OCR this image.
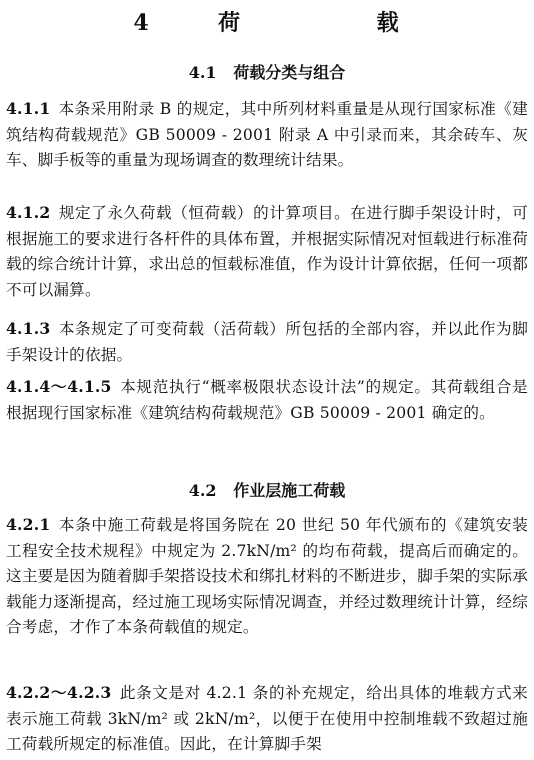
4  荷    载
4.1   荷载分类与组合

4.1.1 本条采用附录 B 的规定，其中所列材料重量是从现行国家标准《建筑结构荷载规范》GB 50009 - 2001 附录 A 中引录而来，其余砖车、灰车、脚手板等的重量为现场调查的数理统计结果。

4.1.2 规定了永久荷载（恒荷载）的计算项目。在进行脚手架设计时，可根据施工的要求进行各杆件的具体布置，并根据实际情况对恒载进行标准荷载的综合统计计算，求出总的恒载标准值，作为设计计算依据，任何一项都不可以漏算。

4.1.3 本条规定了可变荷载（活荷载）所包括的全部内容，并以此作为脚手架设计的依据。

4.1.4～4.1.5 本规范执行“概率极限状态设计法”的规定。其荷载组合是根据现行国家标准《建筑结构荷载规范》GB 50009 - 2001 确定的。

4.2   作业层施工荷载

4.2.1 本条中施工荷载是将国务院在 20 世纪 50 年代颁布的《建筑安装工程安全技术规程》中规定为 2.7kN/m² 的均布荷载，提高后而确定的。这主要是因为随着脚手架搭设技术和绑扎材料的不断进步，脚手架的实际承载能力逐渐提高，经过施工现场实际情况调查，并经过数理统计计算，经综合考虑，才作了本条荷载值的规定。

4.2.2～4.2.3 此条文是对 4.2.1 条的补充规定，给出具体的堆载方式来表示施工荷载 3kN/m² 或 2kN/m²，以便于在使用中控制堆载不致超过施工荷载所规定的标准值。因此，在计算脚手架
